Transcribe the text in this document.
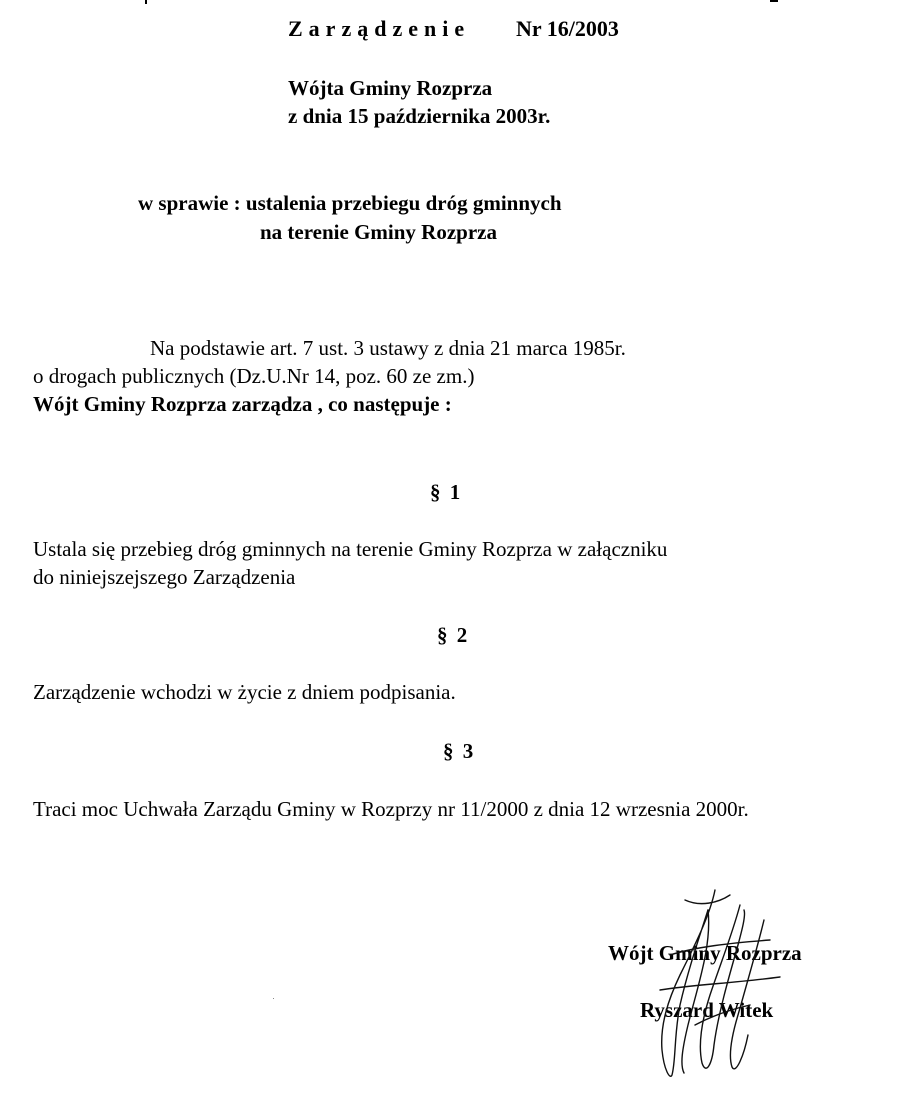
Zarządzenie Nr 16/2003
Wójta Gminy Rozprza
z dnia 15 października 2003r.
w sprawie : ustalenia przebiegu dróg gminnych
na terenie Gminy Rozprza
Na podstawie art. 7 ust. 3 ustawy z dnia 21 marca 1985r.
o drogach publicznych (Dz.U.Nr 14, poz. 60 ze zm.)
Wójt Gminy Rozprza zarządza , co następuje :
§ 1
Ustala się przebieg dróg gminnych na terenie Gminy Rozprza w załączniku
do niniejszejszego Zarządzenia
§ 2
Zarządzenie wchodzi w życie z dniem podpisania.
§ 3
Traci moc Uchwała Zarządu Gminy w Rozprzy nr 11/2000 z dnia 12 wrzesnia 2000r.
Wójt Gminy Rozprza
Ryszard Witek
